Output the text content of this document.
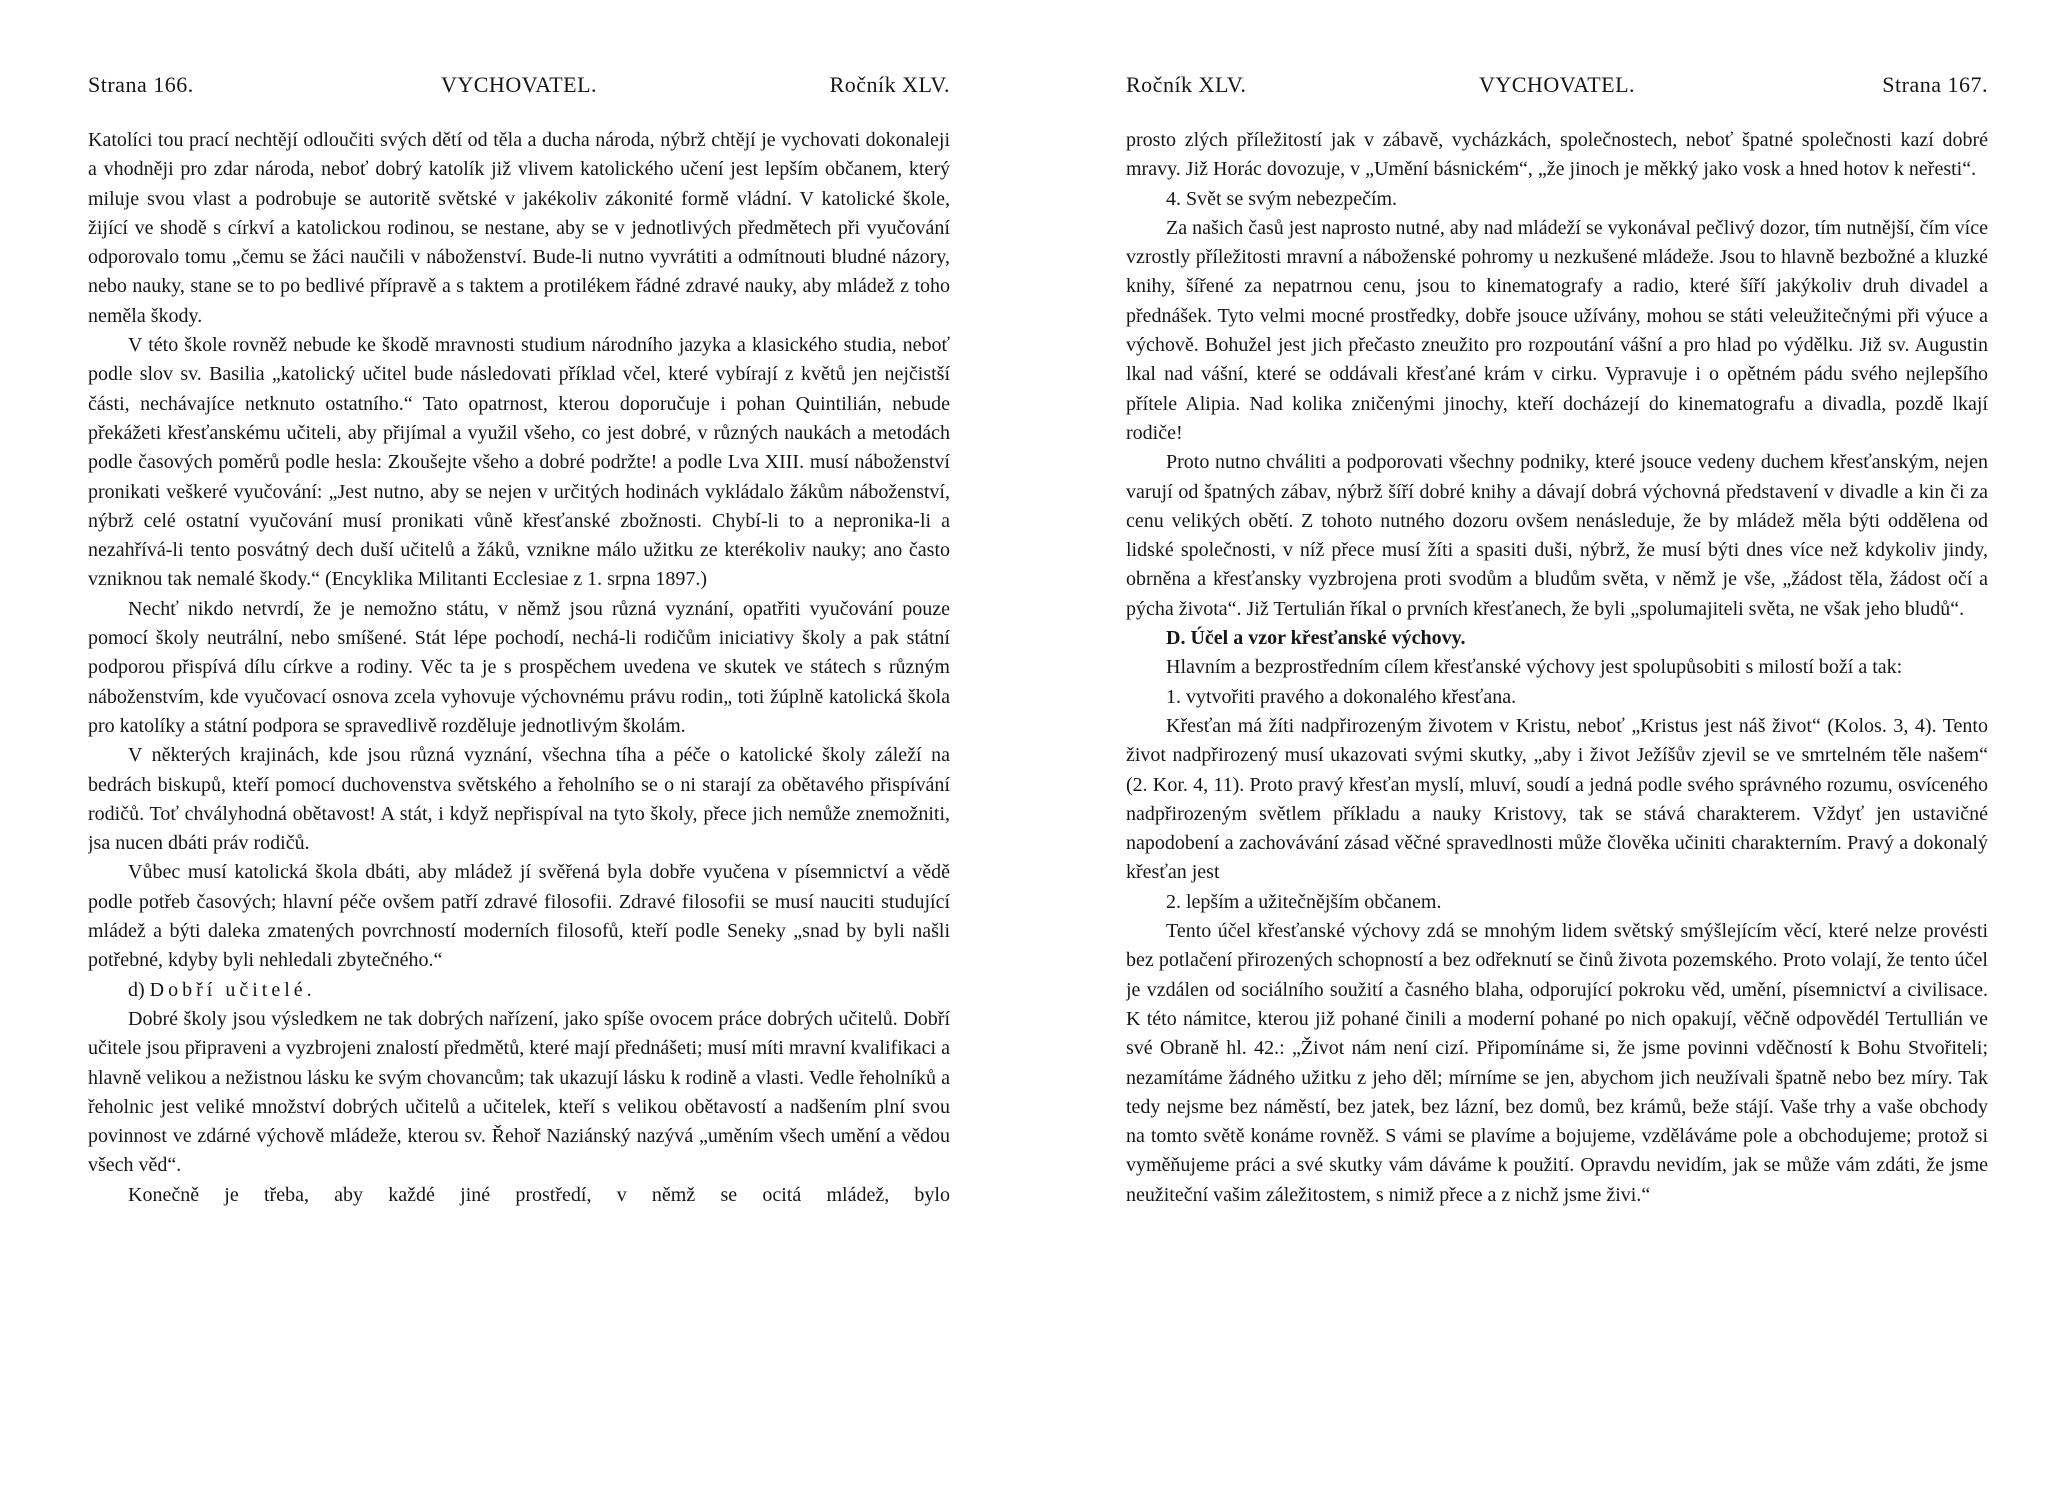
Strana 166.	VYCHOVATEL.	Ročník XLV.

Katolíci tou prací nechtějí odloučiti svých dětí od těla a ducha národa, nýbrž chtějí je vychovati dokonaleji a vhodněji pro zdar národa, neboť dobrý katolík již vlivem katolického učení jest lepším občanem, který miluje svou vlast a podrobuje se autoritě světské v jakékoliv zákonité formě vládní. V katolické škole, žijící ve shodě s církví a katolickou rodinou, se nestane, aby se v jednotlivých předmětech při vyučování odporovalo tomu „čemu se žáci naučili v náboženství. Bude-li nutno vyvrátiti a odmítnouti bludné názory, nebo nauky, stane se to po bedlivé přípravě a s taktem a protilékem řádné zdravé nauky, aby mládež z toho neměla škody.

V této škole rovněž nebude ke škodě mravnosti studium národního jazyka a klasického studia, neboť podle slov sv. Basilia „katolický učitel bude následovati příklad včel, které vybírají z květů jen nejčistší části, nechávajíce netknuto ostatního.“ Tato opatrnost, kterou doporučuje i pohan Quintilián, nebude překážeti křesťanskému učiteli, aby přijímal a využil všeho, co jest dobré, v různých naukách a metodách podle časových poměrů podle hesla: Zkoušejte všeho a dobré podržte! a podle Lva XIII. musí náboženství pronikati veškeré vyučování: „Jest nutno, aby se nejen v určitých hodinách vykládalo žákům náboženství, nýbrž celé ostatní vyučování musí pronikati vůně křesťanské zbožnosti. Chybí-li to a nepronika-li a nezahřívá-li tento posvátný dech duší učitelů a žáků, vznikne málo užitku ze kterékoliv nauky; ano často vzniknou tak nemalé škody.“ (Encyklika Militanti Ecclesiae z 1. srpna 1897.)

Nechť nikdo netvrdí, že je nemožno státu, v němž jsou různá vyznání, opatřiti vyučování pouze pomocí školy neutrální, nebo smíšené. Stát lépe pochodí, nechá-li rodičům iniciativy školy a pak státní podporou přispívá dílu církve a rodiny. Věc ta je s prospěchem uvedena ve skutek ve státech s různým náboženstvím, kde vyučovací osnova zcela vyhovuje výchovnému právu rodin„ toti žúplně katolická škola pro katolíky a státní podpora se spravedlivě rozděluje jednotlivým školám.

V některých krajinách, kde jsou různá vyznání, všechna tíha a péče o katolické školy záleží na bedrách biskupů, kteří pomocí duchovenstva světského a řeholního se o ni starají za obětavého přispívání rodičů. Toť chvályhodná obětavost! A stát, i když nepřispíval na tyto školy, přece jich nemůže znemožniti, jsa nucen dbáti práv rodičů.

Vůbec musí katolická škola dbáti, aby mládež jí svěřená byla dobře vyučena v písemnictví a vědě podle potřeb časových; hlavní péče ovšem patří zdravé filosofii. Zdravé filosofii se musí nauciti studující mládež a býti daleka zmatených povrchností moderních filosofů, kteří podle Seneky „snad by byli našli potřebné, kdyby byli nehledali zbytečného.“

d) Dobří učitelé.

Dobré školy jsou výsledkem ne tak dobrých nařízení, jako spíše ovocem práce dobrých učitelů. Dobří učitele jsou připraveni a vyzbrojeni znalostí předmětů, které mají přednášeti; musí míti mravní kvalifikaci a hlavně velikou a nežistnou lásku ke svým chovancům; tak ukazují lásku k rodině a vlasti. Vedle řeholníků a řeholnic jest veliké množství dobrých učitelů a učitelek, kteří s velikou obětavostí a nadšením plní svou povinnost ve zdárné výchově mládeže, kterou sv. Řehoř Naziánský nazývá „uměním všech umění a vědou všech věd“.

Konečně je třeba, aby každé jiné prostředí, v němž se ocitá mládež, bylo

Ročník XLV.	VYCHOVATEL.	Strana 167.

prosto zlých příležitostí jak v zábavě, vycházkách, společnostech, neboť špatné společnosti kazí dobré mravy. Již Horác dovozuje, v „Umění básnickém“, „že jinoch je měkký jako vosk a hned hotov k neřesti“.

4. Svět se svým nebezpečím.

Za našich časů jest naprosto nutné, aby nad mládeží se vykonával pečlivý dozor, tím nutnější, čím více vzrostly příležitosti mravní a náboženské pohromy u nezkušené mládeže. Jsou to hlavně bezbožné a kluzké knihy, šířené za nepatrnou cenu, jsou to kinematografy a radio, které šíří jakýkoliv druh divadel a přednášek. Tyto velmi mocné prostředky, dobře jsouce užívány, mohou se státi veleužitečnými při výuce a výchově. Bohužel jest jich přečasto zneužito pro rozpoutání vášní a pro hlad po výdělku. Již sv. Augustin lkal nad vášní, které se oddávali křesťané krám v cirku. Vypravuje i o opětném pádu svého nejlepšího přítele Alipia. Nad kolika zničenými jinochy, kteří docházejí do kinematografu a divadla, pozdě lkají rodiče!

Proto nutno chváliti a podporovati všechny podniky, které jsouce vedeny duchem křesťanským, nejen varují od špatných zábav, nýbrž šíří dobré knihy a dávají dobrá výchovná představení v divadle a kin či za cenu velikých obětí. Z tohoto nutného dozoru ovšem nenásleduje, že by mládež měla býti oddělena od lidské společnosti, v níž přece musí žíti a spasiti duši, nýbrž, že musí býti dnes více než kdykoliv jindy, obrněna a křesťansky vyzbrojena proti svodům a bludům světa, v němž je vše, „žádost těla, žádost očí a pýcha života“. Již Tertulián říkal o prvních křesťanech, že byli „spolumajiteli světa, ne však jeho bludů“.

D. Účel a vzor křesťanské výchovy.

Hlavním a bezprostředním cílem křesťanské výchovy jest spolupůsobiti s milostí boží a tak:

1. vytvořiti pravého a dokonalého křesťana.

Křesťan má žíti nadpřirozeným životem v Kristu, neboť „Kristus jest náš život“ (Kolos. 3, 4). Tento život nadpřirozený musí ukazovati svými skutky, „aby i život Ježíšův zjevil se ve smrtelném těle našem“ (2. Kor. 4, 11). Proto pravý křesťan myslí, mluví, soudí a jedná podle svého správného rozumu, osvíceného nadpřirozeným světlem příkladu a nauky Kristovy, tak se stává charakterem. Vždyť jen ustavičné napodobení a zachovávání zásad věčné spravedlnosti může člověka učiniti charakterním. Pravý a dokonalý křesťan jest

2. lepším a užitečnějším občanem.

Tento účel křesťanské výchovy zdá se mnohým lidem světský smýšlejícím věcí, které nelze provésti bez potlačení přirozených schopností a bez odřeknutí se činů života pozemského. Proto volají, že tento účel je vzdálen od sociálního soužití a časného blaha, odporující pokroku věd, umění, písemnictví a civilisace. K této námitce, kterou již pohané činili a moderní pohané po nich opakují, věčně odpovědél Tertullián ve své Obraně hl. 42.: „Život nám není cizí. Připomínáme si, že jsme povinni vděčností k Bohu Stvořiteli; nezamítáme žádného užitku z jeho děl; mírníme se jen, abychom jich neužívali špatně nebo bez míry. Tak tedy nejsme bez náměstí, bez jatek, bez lázní, bez domů, bez krámů, beže stájí. Vaše trhy a vaše obchody na tomto světě konáme rovněž. S vámi se plavíme a bojujeme, vzděláváme pole a obchodujeme; protož si vyměňujeme práci a své skutky vám dáváme k použití. Opravdu nevidím, jak se může vám zdáti, že jsme neužiteční vašim záležitostem, s nimiž přece a z nichž jsme živi.“
